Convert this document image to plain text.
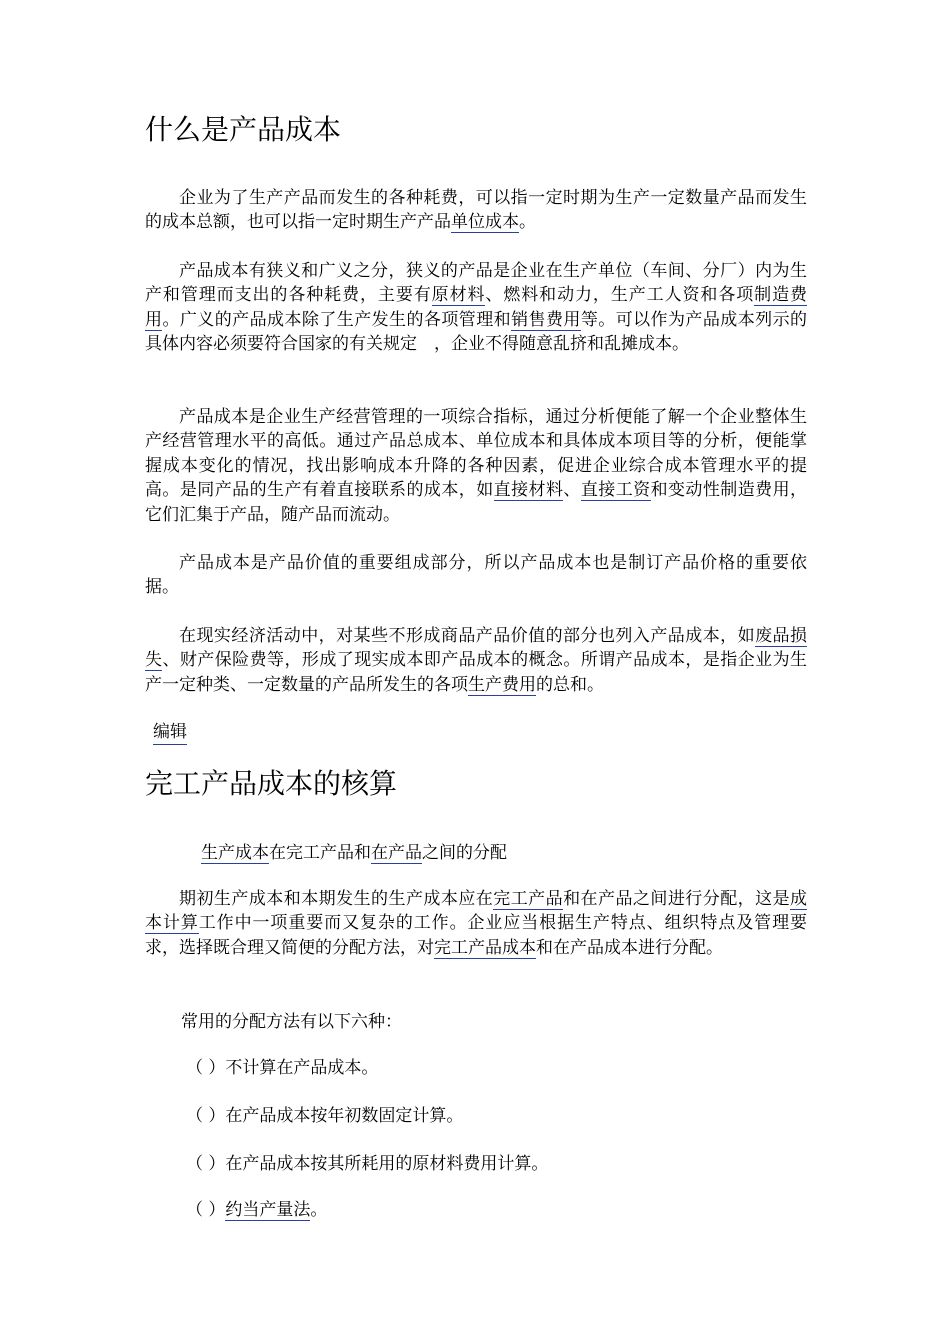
什么是产品成本

企业为了生产产品而发生的各种耗费，可以指一定时期为生产一定数量产品而发生的成本总额，也可以指一定时期生产产品单位成本。

产品成本有狭义和广义之分，狭义的产品是企业在生产单位（车间、分厂）内为生产和管理而支出的各种耗费，主要有原材料、燃料和动力，生产工人资和各项制造费用。广义的产品成本除了生产发生的各项管理和销售费用等。可以作为产品成本列示的具体内容必须要符合国家的有关规定　，企业不得随意乱挤和乱摊成本。

产品成本是企业生产经营管理的一项综合指标，通过分析便能了解一个企业整体生产经营管理水平的高低。通过产品总成本、单位成本和具体成本项目等的分析，便能掌握成本变化的情况，找出影响成本升降的各种因素，促进企业综合成本管理水平的提高。是同产品的生产有着直接联系的成本，如直接材料、直接工资和变动性制造费用，它们汇集于产品，随产品而流动。

产品成本是产品价值的重要组成部分，所以产品成本也是制订产品价格的重要依据。

在现实经济活动中，对某些不形成商品产品价值的部分也列入产品成本，如废品损失、财产保险费等，形成了现实成本即产品成本的概念。所谓产品成本，是指企业为生产一定种类、一定数量的产品所发生的各项生产费用的总和。

编辑
完工产品成本的核算

生产成本在完工产品和在产品之间的分配

期初生产成本和本期发生的生产成本应在完工产品和在产品之间进行分配，这是成本计算工作中一项重要而又复杂的工作。企业应当根据生产特点、组织特点及管理要求，选择既合理又简便的分配方法，对完工产品成本和在产品成本进行分配。

常用的分配方法有以下六种：

（ ）不计算在产品成本。

（ ）在产品成本按年初数固定计算。

（ ）在产品成本按其所耗用的原材料费用计算。

（ ）约当产量法。
